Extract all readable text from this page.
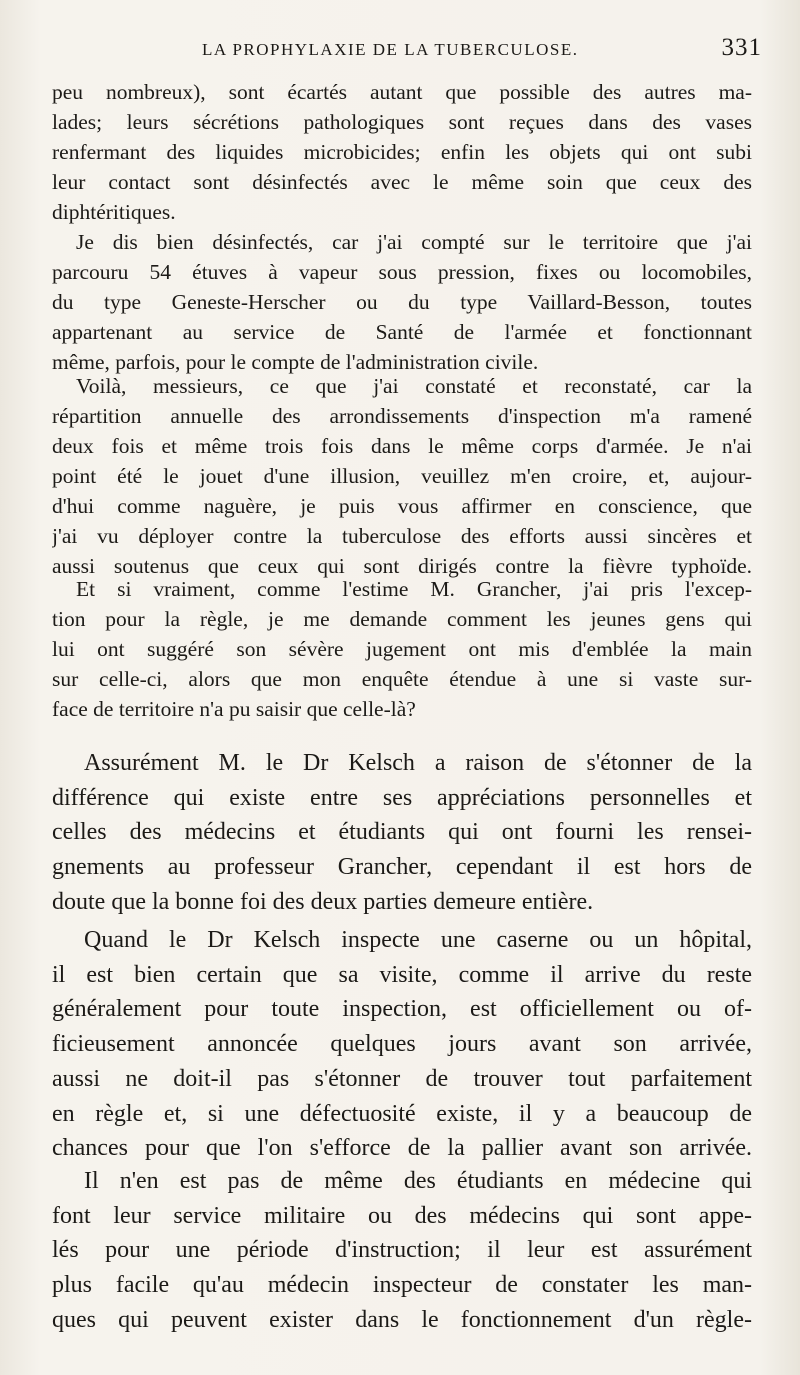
LA PROPHYLAXIE DE LA TUBERCULOSE.	331
peu nombreux), sont écartés autant que possible des autres ma-
lades; leurs sécrétions pathologiques sont reçues dans des vases
renfermant des liquides microbicides; enfin les objets qui ont subi
leur contact sont désinfectés avec le même soin que ceux des
diphtéritiques.
Je dis bien désinfectés, car j'ai compté sur le territoire que j'ai
parcouru 54 étuves à vapeur sous pression, fixes ou locomobiles,
du type Geneste-Herscher ou du type Vaillard-Besson, toutes
appartenant au service de Santé de l'armée et fonctionnant
même, parfois, pour le compte de l'administration civile.
Voilà, messieurs, ce que j'ai constaté et reconstaté, car la
répartition annuelle des arrondissements d'inspection m'a ramené
deux fois et même trois fois dans le même corps d'armée. Je n'ai
point été le jouet d'une illusion, veuillez m'en croire, et, aujour-
d'hui comme naguère, je puis vous affirmer en conscience, que
j'ai vu déployer contre la tuberculose des efforts aussi sincères et
aussi soutenus que ceux qui sont dirigés contre la fièvre typhoïde.
Et si vraiment, comme l'estime M. Grancher, j'ai pris l'excep-
tion pour la règle, je me demande comment les jeunes gens qui
lui ont suggéré son sévère jugement ont mis d'emblée la main
sur celle-ci, alors que mon enquête étendue à une si vaste sur-
face de territoire n'a pu saisir que celle-là?
Assurément M. le Dr Kelsch a raison de s'étonner de la
différence qui existe entre ses appréciations personnelles et
celles des médecins et étudiants qui ont fourni les rensei-
gnements au professeur Grancher, cependant il est hors de
doute que la bonne foi des deux parties demeure entière.
Quand le Dr Kelsch inspecte une caserne ou un hôpital,
il est bien certain que sa visite, comme il arrive du reste
généralement pour toute inspection, est officiellement ou of-
ficieusement annoncée quelques jours avant son arrivée,
aussi ne doit-il pas s'étonner de trouver tout parfaitement
en règle et, si une défectuosité existe, il y a beaucoup de
chances pour que l'on s'efforce de la pallier avant son arrivée.
Il n'en est pas de même des étudiants en médecine qui
font leur service militaire ou des médecins qui sont appe-
lés pour une période d'instruction; il leur est assurément
plus facile qu'au médecin inspecteur de constater les man-
ques qui peuvent exister dans le fonctionnement d'un règle-
